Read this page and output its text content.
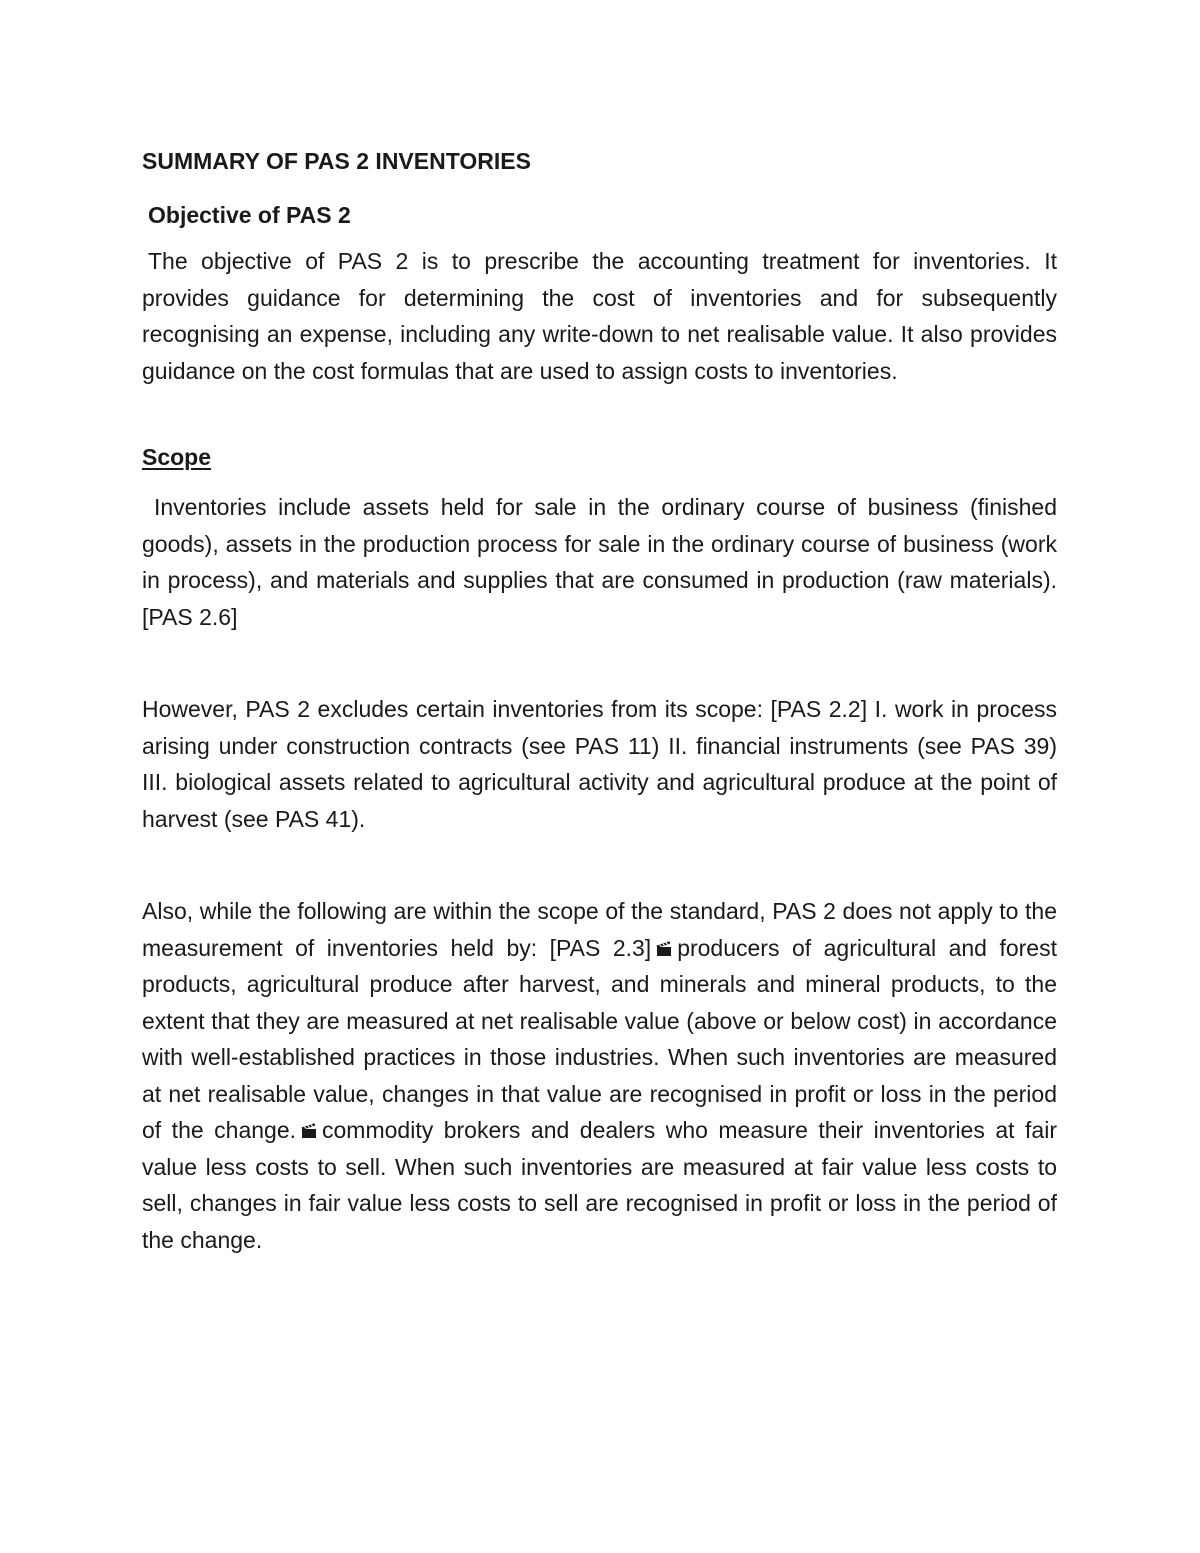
SUMMARY OF PAS 2 INVENTORIES
Objective of PAS 2

The objective of PAS 2 is to prescribe the accounting treatment for inventories. It provides guidance for determining the cost of inventories and for subsequently recognising an expense, including any write-down to net realisable value. It also provides guidance on the cost formulas that are used to assign costs to inventories.

Scope

Inventories include assets held for sale in the ordinary course of business (finished goods), assets in the production process for sale in the ordinary course of business (work in process), and materials and supplies that are consumed in production (raw materials). [PAS 2.6]

However, PAS 2 excludes certain inventories from its scope: [PAS 2.2] I. work in process arising under construction contracts (see PAS 11) II. financial instruments (see PAS 39) III. biological assets related to agricultural activity and agricultural produce at the point of harvest (see PAS 41).

Also, while the following are within the scope of the standard, PAS 2 does not apply to the measurement of inventories held by: [PAS 2.3] producers of agricultural and forest products, agricultural produce after harvest, and minerals and mineral products, to the extent that they are measured at net realisable value (above or below cost) in accordance with well-established practices in those industries. When such inventories are measured at net realisable value, changes in that value are recognised in profit or loss in the period of the change. commodity brokers and dealers who measure their inventories at fair value less costs to sell. When such inventories are measured at fair value less costs to sell, changes in fair value less costs to sell are recognised in profit or loss in the period of the change.
